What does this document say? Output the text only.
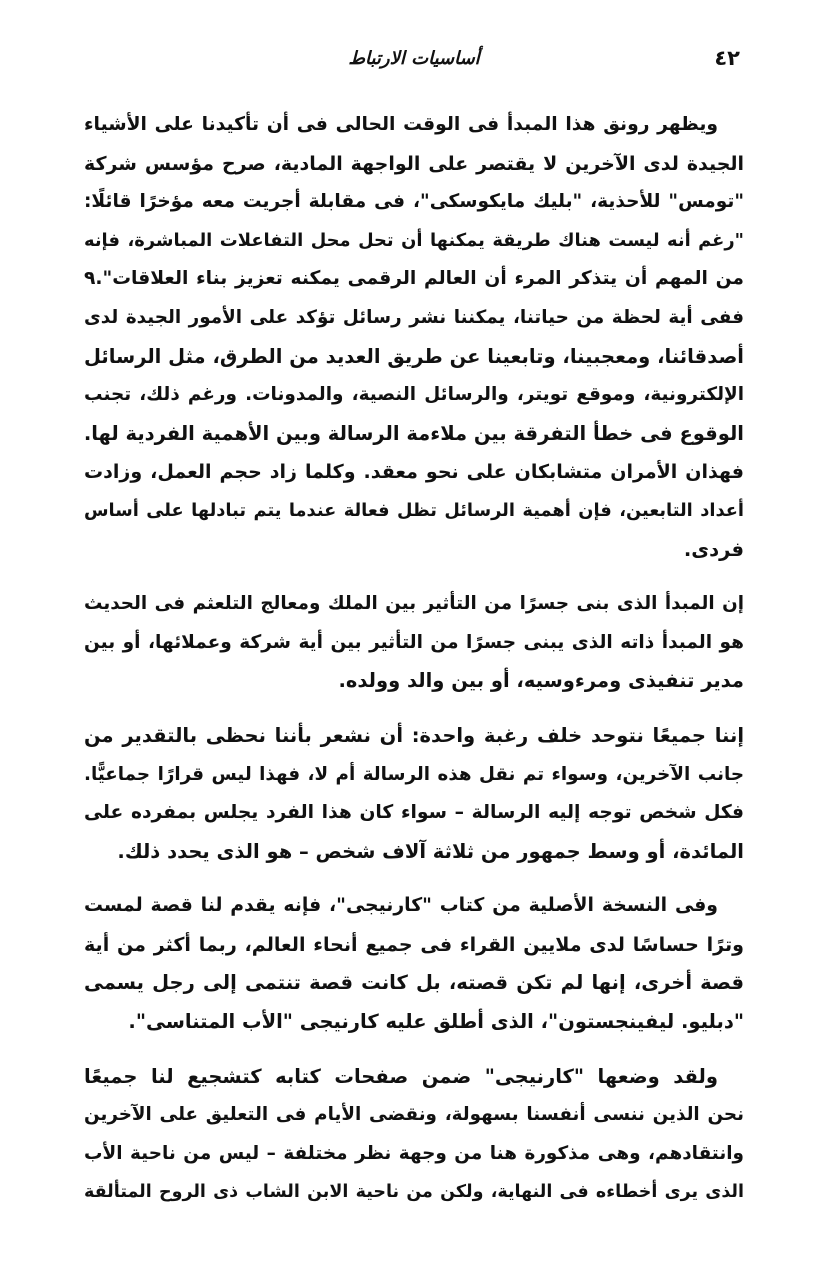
٤٢
أساسيات الارتباط

ويظهر رونق هذا المبدأ فى الوقت الحالى فى أن تأكيدنا على الأشياء
الجيدة لدى الآخرين لا يقتصر على الواجهة المادية، صرح مؤسس شركة
"تومس" للأحذية، "بليك مايكوسكى"، فى مقابلة أجريت معه مؤخرًا قائلًا:
"رغم أنه ليست هناك طريقة يمكنها أن تحل محل التفاعلات المباشرة، فإنه
من المهم أن يتذكر المرء أن العالم الرقمى يمكنه تعزيز بناء العلاقات".٩
ففى أية لحظة من حياتنا، يمكننا نشر رسائل تؤكد على الأمور الجيدة لدى
أصدقائنا، ومعجبينا، وتابعينا عن طريق العديد من الطرق، مثل الرسائل
الإلكترونية، وموقع تويتر، والرسائل النصية، والمدونات. ورغم ذلك، تجنب
الوقوع فى خطأ التفرقة بين ملاءمة الرسالة وبين الأهمية الفردية لها.
فهذان الأمران متشابكان على نحو معقد. وكلما زاد حجم العمل، وزادت
أعداد التابعين، فإن أهمية الرسائل تظل فعالة عندما يتم تبادلها على أساس
فردى.

إن المبدأ الذى بنى جسرًا من التأثير بين الملك ومعالج التلعثم فى الحديث
هو المبدأ ذاته الذى يبنى جسرًا من التأثير بين أية شركة وعملائها، أو بين
مدير تنفيذى ومرءوسيه، أو بين والد وولده.

إننا جميعًا نتوحد خلف رغبة واحدة: أن نشعر بأننا نحظى بالتقدير من
جانب الآخرين، وسواء تم نقل هذه الرسالة أم لا، فهذا ليس قرارًا جماعيًّا.
فكل شخص توجه إليه الرسالة – سواء كان هذا الفرد يجلس بمفرده على
المائدة، أو وسط جمهور من ثلاثة آلاف شخص – هو الذى يحدد ذلك.

وفى النسخة الأصلية من كتاب "كارنيجى"، فإنه يقدم لنا قصة لمست
وترًا حساسًا لدى ملايين القراء فى جميع أنحاء العالم، ربما أكثر من أية
قصة أخرى، إنها لم تكن قصته، بل كانت قصة تنتمى إلى رجل يسمى
"دبليو. ليفينجستون"، الذى أطلق عليه كارنيجى "الأب المتناسى".

ولقد وضعها "كارنيجى" ضمن صفحات كتابه كتشجيع لنا جميعًا
نحن الذين ننسى أنفسنا بسهولة، ونقضى الأيام فى التعليق على الآخرين
وانتقادهم، وهى مذكورة هنا من وجهة نظر مختلفة – ليس من ناحية الأب
الذى يرى أخطاءه فى النهاية، ولكن من ناحية الابن الشاب ذى الروح المتألقة
